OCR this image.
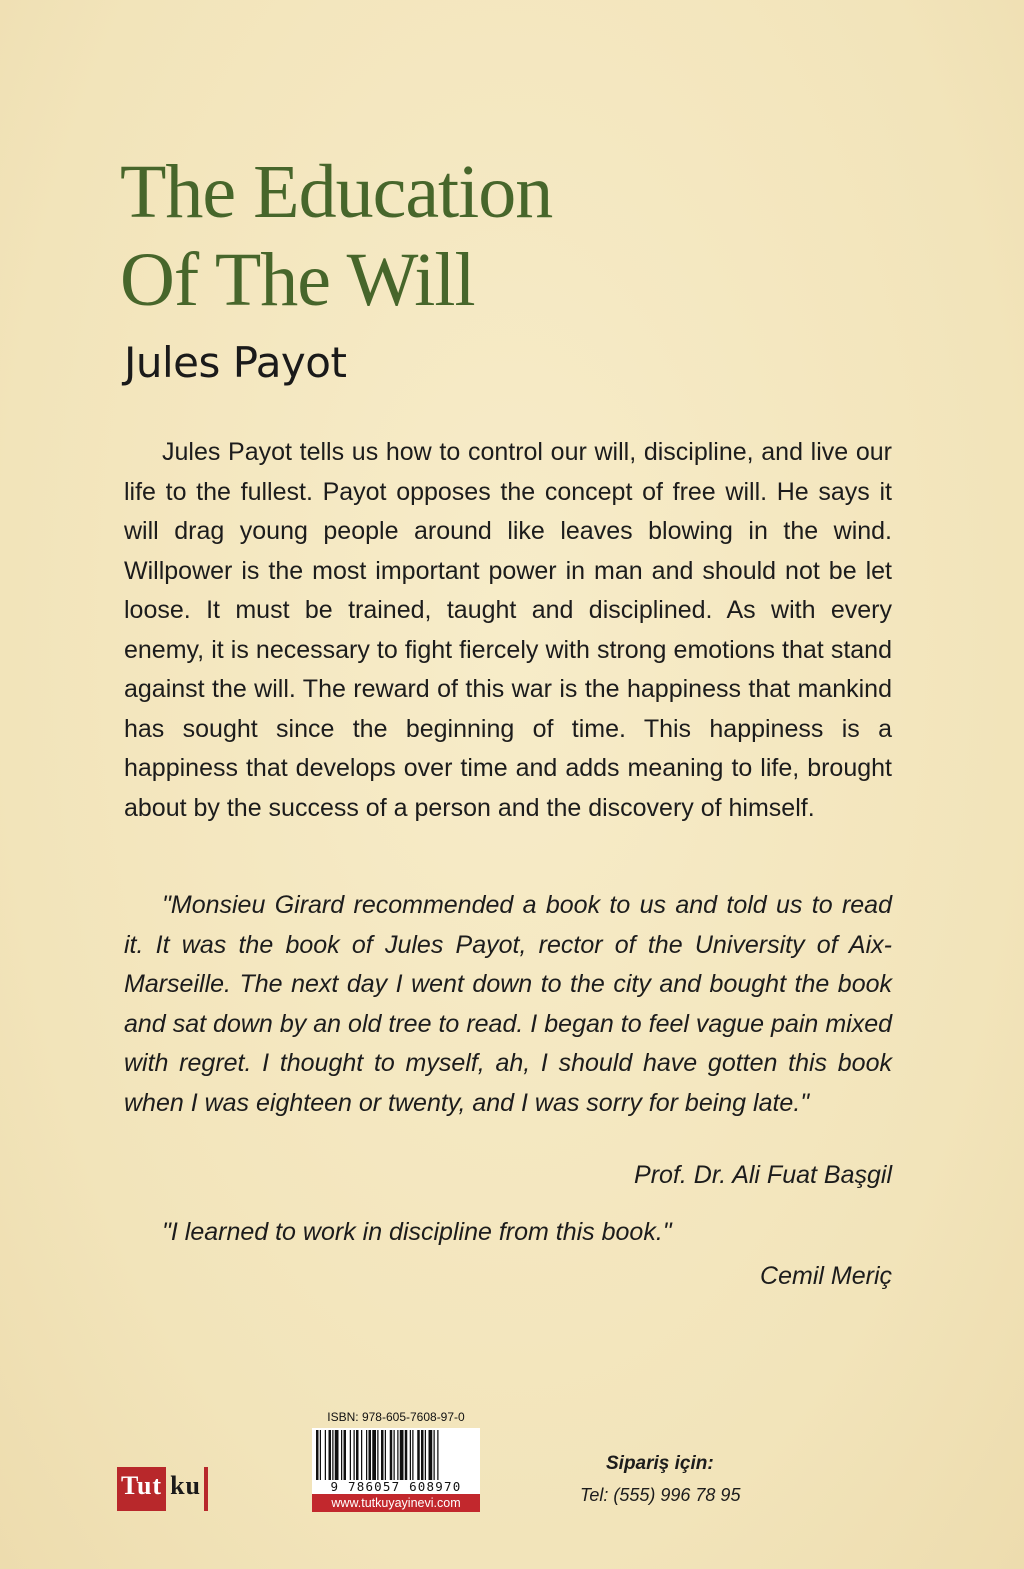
The Education
Of The Will
Jules Payot

Jules Payot tells us how to control our will, discipline, and live our life to the fullest. Payot opposes the concept of free will. He says it will drag young people around like leaves blowing in the wind. Willpower is the most important power in man and should not be let loose. It must be trained, taught and disciplined. As with every enemy, it is necessary to fight fiercely with strong emotions that stand against the will. The reward of this war is the happiness that mankind has sought since the beginning of time. This happiness is a happiness that develops over time and adds meaning to life, brought about by the success of a person and the discovery of himself.

"Monsieu Girard recommended a book to us and told us to read it. It was the book of Jules Payot, rector of the University of Aix-Marseille. The next day I went down to the city and bought the book and sat down by an old tree to read. I began to feel vague pain mixed with regret. I thought to myself, ah, I should have gotten this book when I was eighteen or twenty, and I was sorry for being late."

Prof. Dr. Ali Fuat Başgil

"I learned to work in discipline from this book."

Cemil Meriç
Tut ku
ISBN: 978-605-7608-97-0
9 786057 608970
www.tutkuyayinevi.com
Sipariş için:
Tel: (555) 996 78 95
